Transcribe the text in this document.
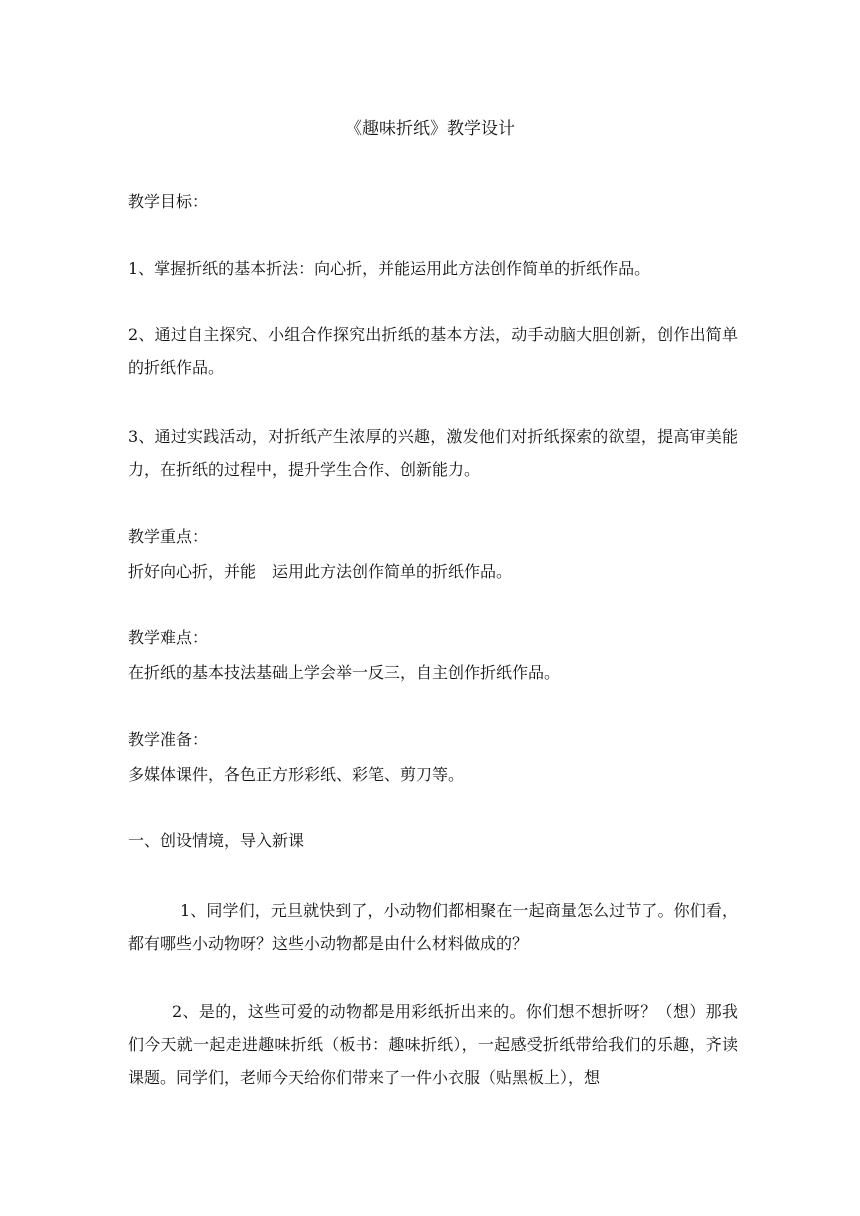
《趣味折纸》教学设计

教学目标：

1、掌握折纸的基本折法：向心折，并能运用此方法创作简单的折纸作品。

2、通过自主探究、小组合作探究出折纸的基本方法，动手动脑大胆创新，创作出简单的折纸作品。

3、通过实践活动，对折纸产生浓厚的兴趣，激发他们对折纸探索的欲望，提高审美能力，在折纸的过程中，提升学生合作、创新能力。

教学重点：

折好向心折，并能　运用此方法创作简单的折纸作品。

教学难点：

在折纸的基本技法基础上学会举一反三，自主创作折纸作品。

教学准备：

多媒体课件，各色正方形彩纸、彩笔、剪刀等。

一、创设情境，导入新课

1、同学们，元旦就快到了，小动物们都相聚在一起商量怎么过节了。你们看，都有哪些小动物呀？这些小动物都是由什么材料做成的？

2、是的，这些可爱的动物都是用彩纸折出来的。你们想不想折呀？（想）那我们今天就一起走进趣味折纸（板书：趣味折纸），一起感受折纸带给我们的乐趣，齐读课题。同学们，老师今天给你们带来了一件小衣服（贴黑板上），想
